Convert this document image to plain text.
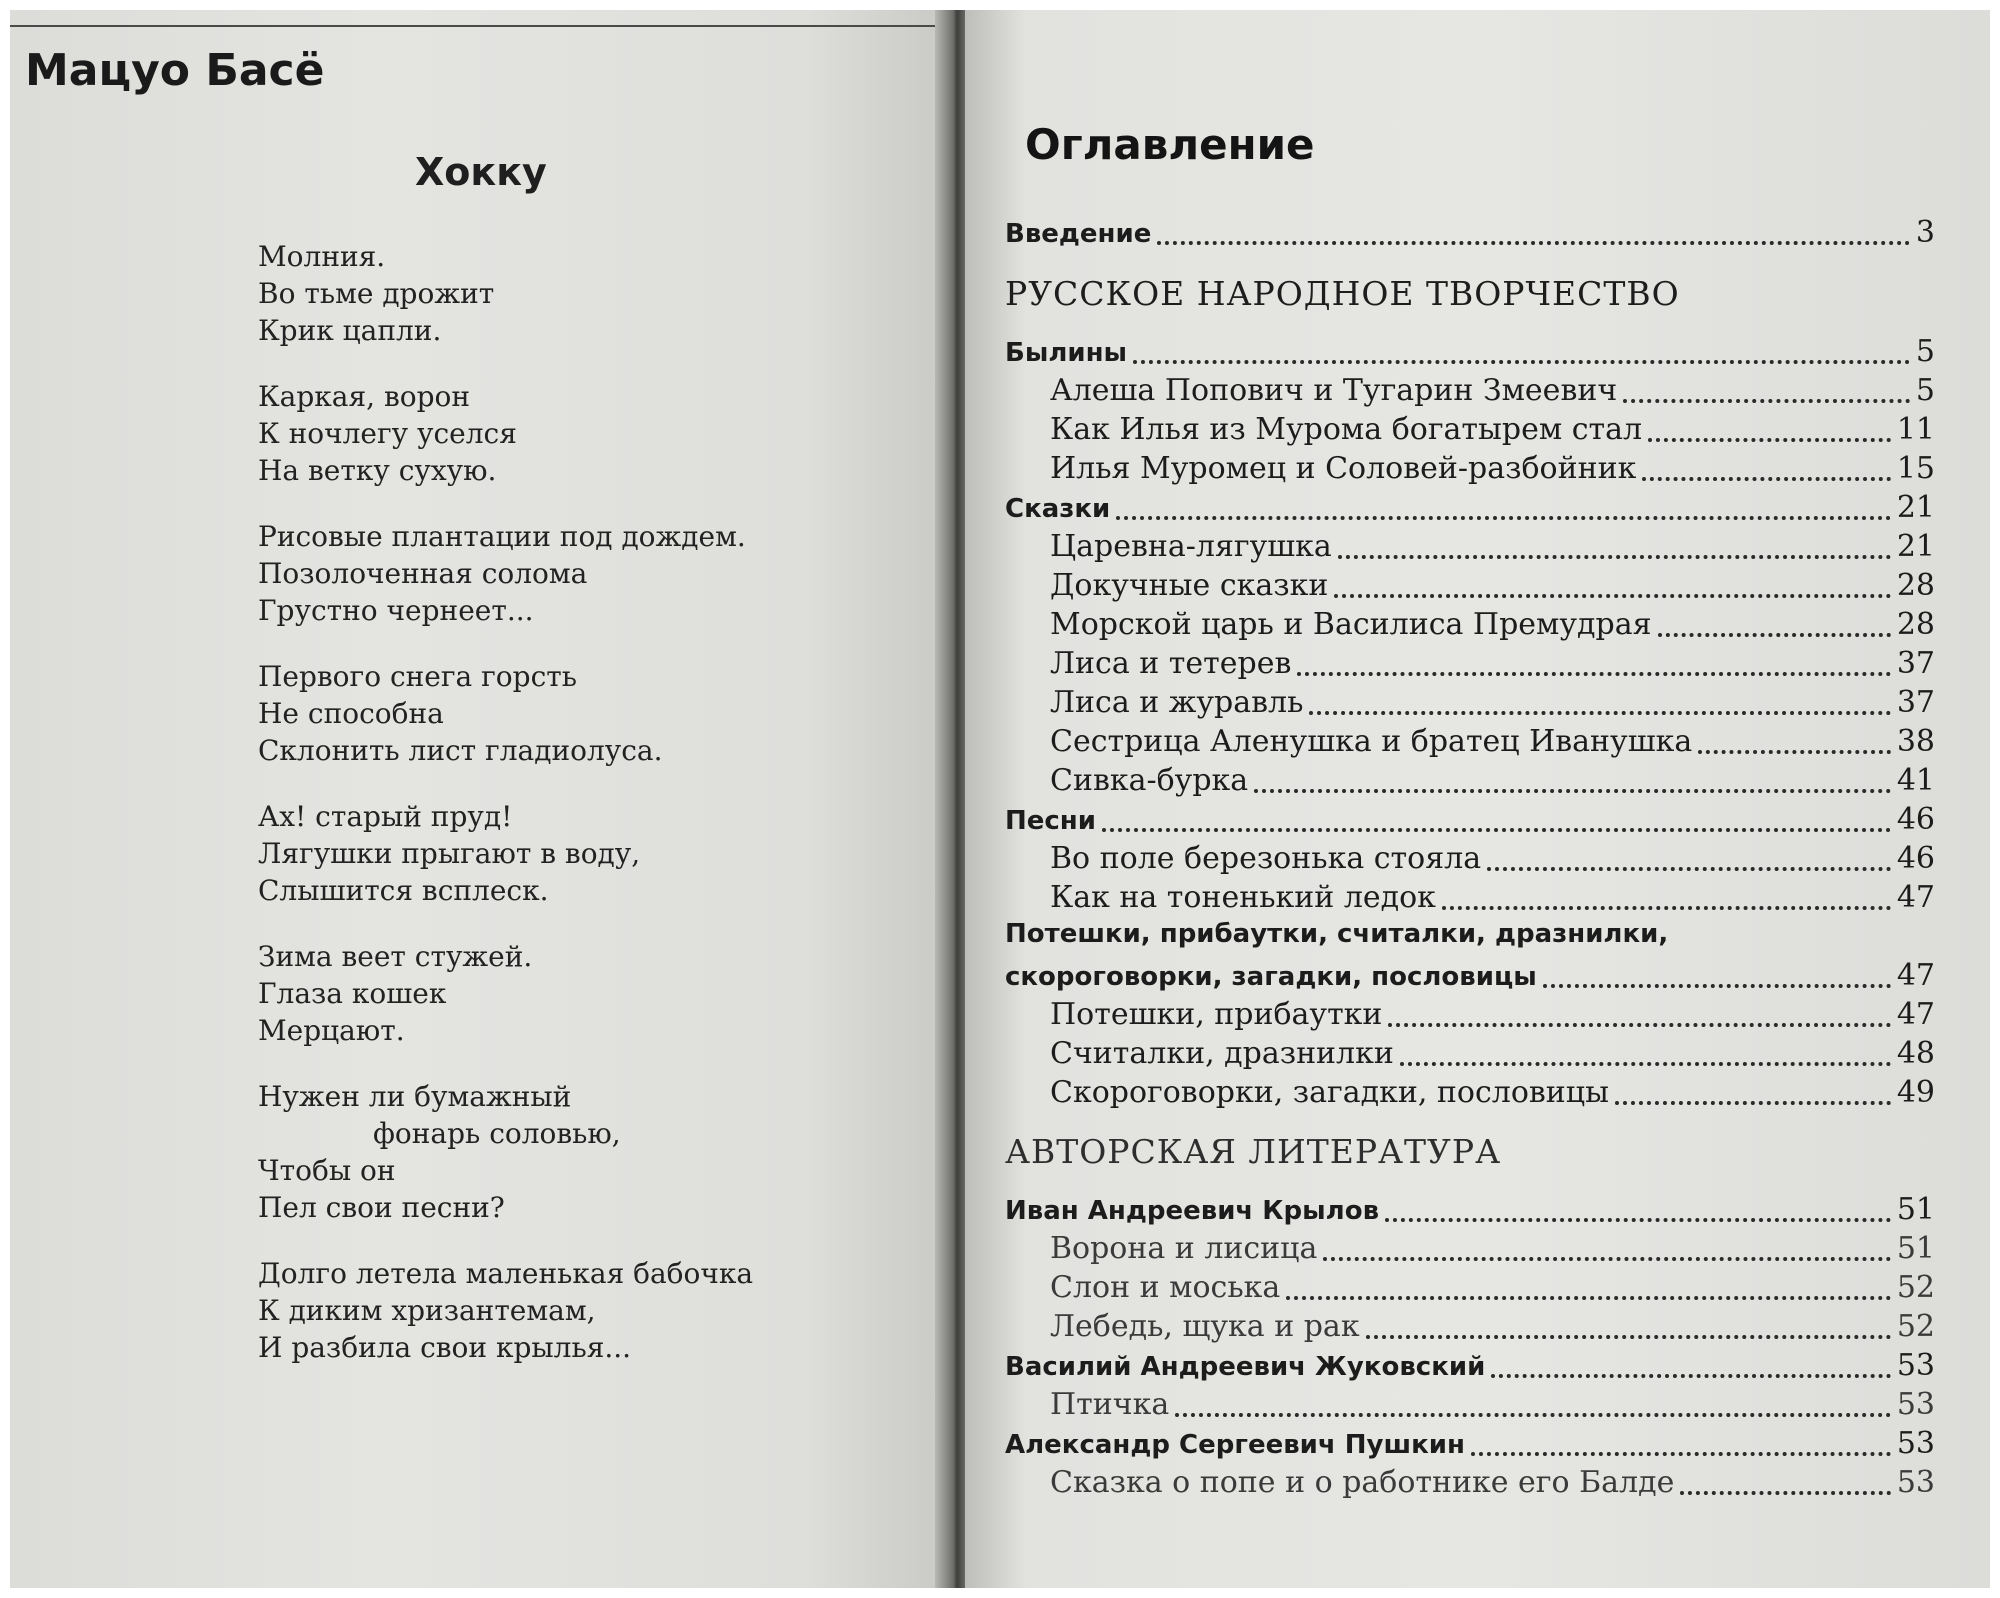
Мацуо Басё
Хокку
Молния.
Во тьме дрожит
Крик цапли.
Каркая, ворон
К ночлегу уселся
На ветку сухую.
Рисовые плантации под дождем.
Позолоченная солома
Грустно чернеет...
Первого снега горсть
Не способна
Склонить лист гладиолуса.
Ах! старый пруд!
Лягушки прыгают в воду,
Слышится всплеск.
Зима веет стужей.
Глаза кошек
Мерцают.
Нужен ли бумажный
фонарь соловью,
Чтобы он
Пел свои песни?
Долго летела маленькая бабочка
К диким хризантемам,
И разбила свои крылья...
Оглавление
Введение	3
РУССКОЕ НАРОДНОЕ ТВОРЧЕСТВО
Былины	5
Алеша Попович и Тугарин Змеевич	5
Как Илья из Мурома богатырем стал	11
Илья Муромец и Соловей-разбойник	15
Сказки	21
Царевна-лягушка	21
Докучные сказки	28
Морской царь и Василиса Премудрая	28
Лиса и тетерев	37
Лиса и журавль	37
Сестрица Аленушка и братец Иванушка	38
Сивка-бурка	41
Песни	46
Во поле березонька стояла	46
Как на тоненький ледок	47
Потешки, прибаутки, считалки, дразнилки,
скороговорки, загадки, пословицы	47
Потешки, прибаутки	47
Считалки, дразнилки	48
Скороговорки, загадки, пословицы	49
АВТОРСКАЯ ЛИТЕРАТУРА
Иван Андреевич Крылов	51
Ворона и лисица	51
Слон и моська	52
Лебедь, щука и рак	52
Василий Андреевич Жуковский	53
Птичка	53
Александр Сергеевич Пушкин	53
Сказка о попе и о работнике его Балде	53
